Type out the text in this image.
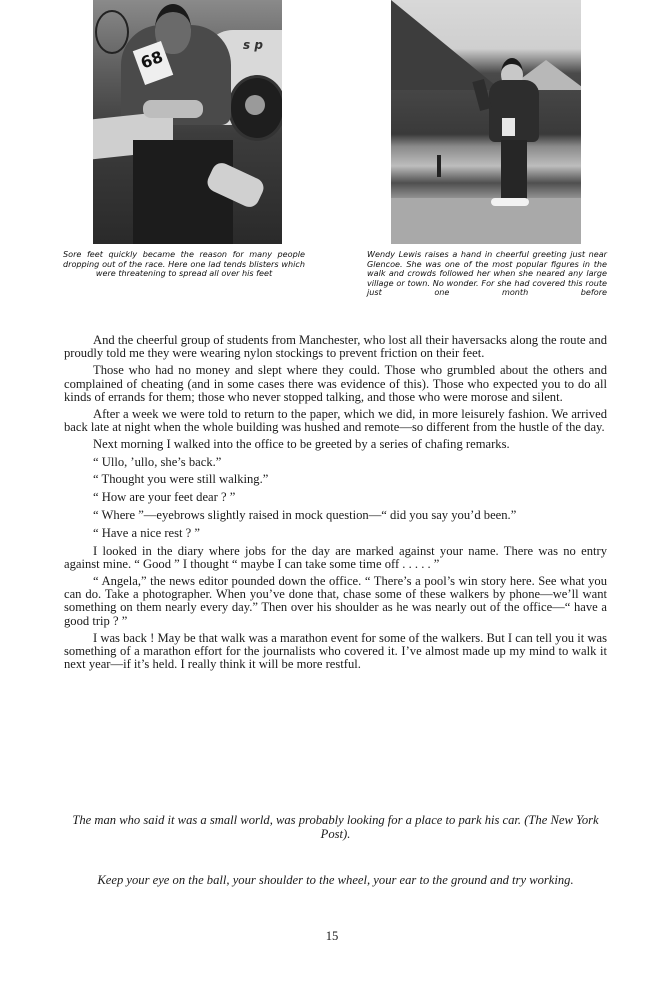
s p
68
Sore feet quickly became the reason for many people dropping out of the race. Here one lad tends blisters which were threatening to spread all over his feet
Wendy Lewis raises a hand in cheerful greeting just near Glencoe. She was one of the most popular figures in the walk and crowds followed her when she neared any large village or town. No wonder. For she had covered this route just one month before

And the cheerful group of students from Manchester, who lost all their haversacks along the route and proudly told me they were wearing nylon stockings to prevent friction on their feet.

Those who had no money and slept where they could. Those who grumbled about the others and complained of cheating (and in some cases there was evidence of this). Those who expected you to do all kinds of errands for them; those who never stopped talking, and those who were morose and silent.

After a week we were told to return to the paper, which we did, in more leisurely fashion. We arrived back late at night when the whole building was hushed and remote—so different from the hustle of the day.

Next morning I walked into the office to be greeted by a series of chafing remarks.

“ Ullo, ’ullo, she’s back.”

“ Thought you were still walking.”

“ How are your feet dear ? ”

“ Where ”—eyebrows slightly raised in mock question—“ did you say you’d been.”

“ Have a nice rest ? ”

I looked in the diary where jobs for the day are marked against your name. There was no entry against mine. “ Good ” I thought “ maybe I can take some time off . . . . . ”

“ Angela,” the news editor pounded down the office. “ There’s a pool’s win story here. See what you can do. Take a photographer. When you’ve done that, chase some of these walkers by phone—we’ll want something on them nearly every day.” Then over his shoulder as he was nearly out of the office—“ have a good trip ? ”

I was back ! May be that walk was a marathon event for some of the walkers. But I can tell you it was something of a marathon effort for the journalists who covered it. I’ve almost made up my mind to walk it next year—if it’s held. I really think it will be more restful.

The man who said it was a small world, was probably looking for a place to park his car. (The New York Post).
Keep your eye on the ball, your shoulder to the wheel, your ear to the ground and try working.
15
